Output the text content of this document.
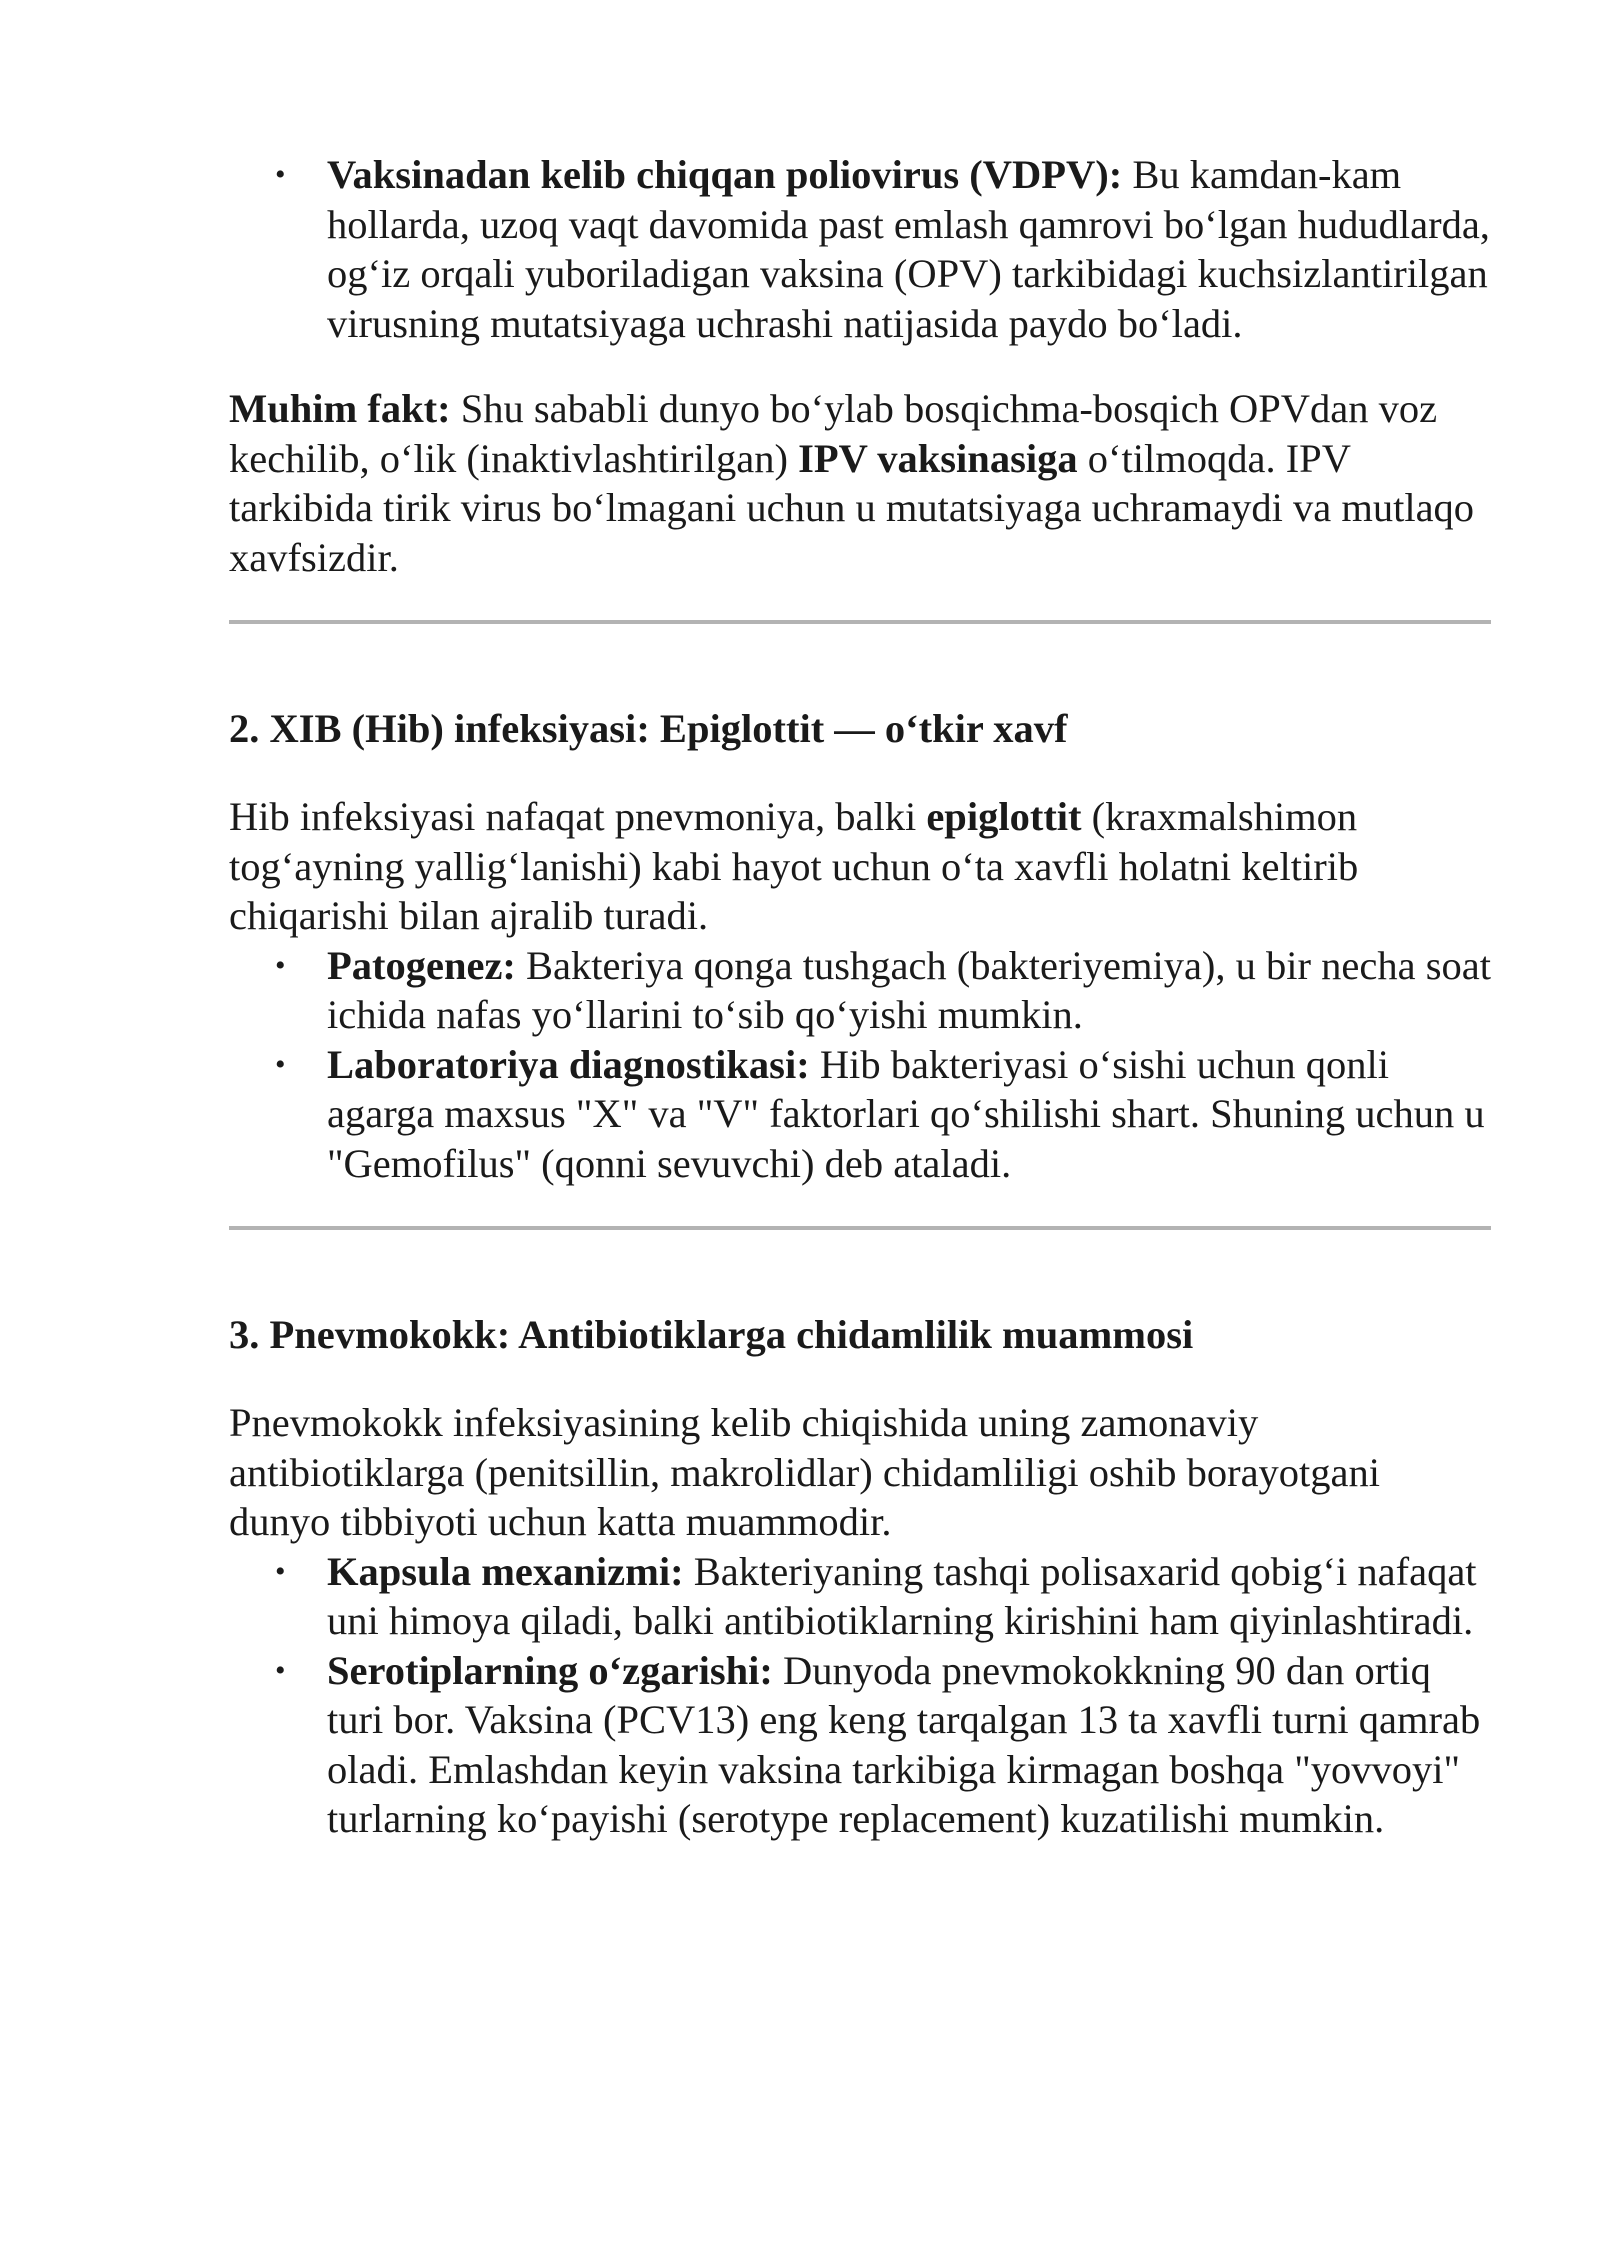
• Vaksinadan kelib chiqqan poliovirus (VDPV): Bu kamdan-kam hollarda, uzoq vaqt davomida past emlash qamrovi bo‘lgan hududlarda, og‘iz orqali yuboriladigan vaksina (OPV) tarkibidagi kuchsizlantirilgan virusning mutatsiyaga uchrashi natijasida paydo bo‘ladi.

Muhim fakt: Shu sababli dunyo bo‘ylab bosqichma-bosqich OPVdan voz kechilib, o‘lik (inaktivlashtirilgan) IPV vaksinasiga o‘tilmoqda. IPV tarkibida tirik virus bo‘lmagani uchun u mutatsiyaga uchramaydi va mutlaqo xavfsizdir.

2. XIB (Hib) infeksiyasi: Epiglottit — o‘tkir xavf

Hib infeksiyasi nafaqat pnevmoniya, balki epiglottit (kraxmalshimon tog‘ayning yallig‘lanishi) kabi hayot uchun o‘ta xavfli holatni keltirib chiqarishi bilan ajralib turadi.

• Patogenez: Bakteriya qonga tushgach (bakteriyemiya), u bir necha soat ichida nafas yo‘llarini to‘sib qo‘yishi mumkin.
• Laboratoriya diagnostikasi: Hib bakteriyasi o‘sishi uchun qonli agarga maxsus "X" va "V" faktorlari qo‘shilishi shart. Shuning uchun u "Gemofilus" (qonni sevuvchi) deb ataladi.
3. Pnevmokokk: Antibiotiklarga chidamlilik muammosi

Pnevmokokk infeksiyasining kelib chiqishida uning zamonaviy antibiotiklarga (penitsillin, makrolidlar) chidamliligi oshib borayotgani dunyo tibbiyoti uchun katta muammodir.

• Kapsula mexanizmi: Bakteriyaning tashqi polisaxarid qobig‘i nafaqat uni himoya qiladi, balki antibiotiklarning kirishini ham qiyinlashtiradi.
• Serotiplarning o‘zgarishi: Dunyoda pnevmokokkning 90 dan ortiq turi bor. Vaksina (PCV13) eng keng tarqalgan 13 ta xavfli turni qamrab oladi. Emlashdan keyin vaksina tarkibiga kirmagan boshqa "yovvoyi" turlarning ko‘payishi (serotype replacement) kuzatilishi mumkin.
